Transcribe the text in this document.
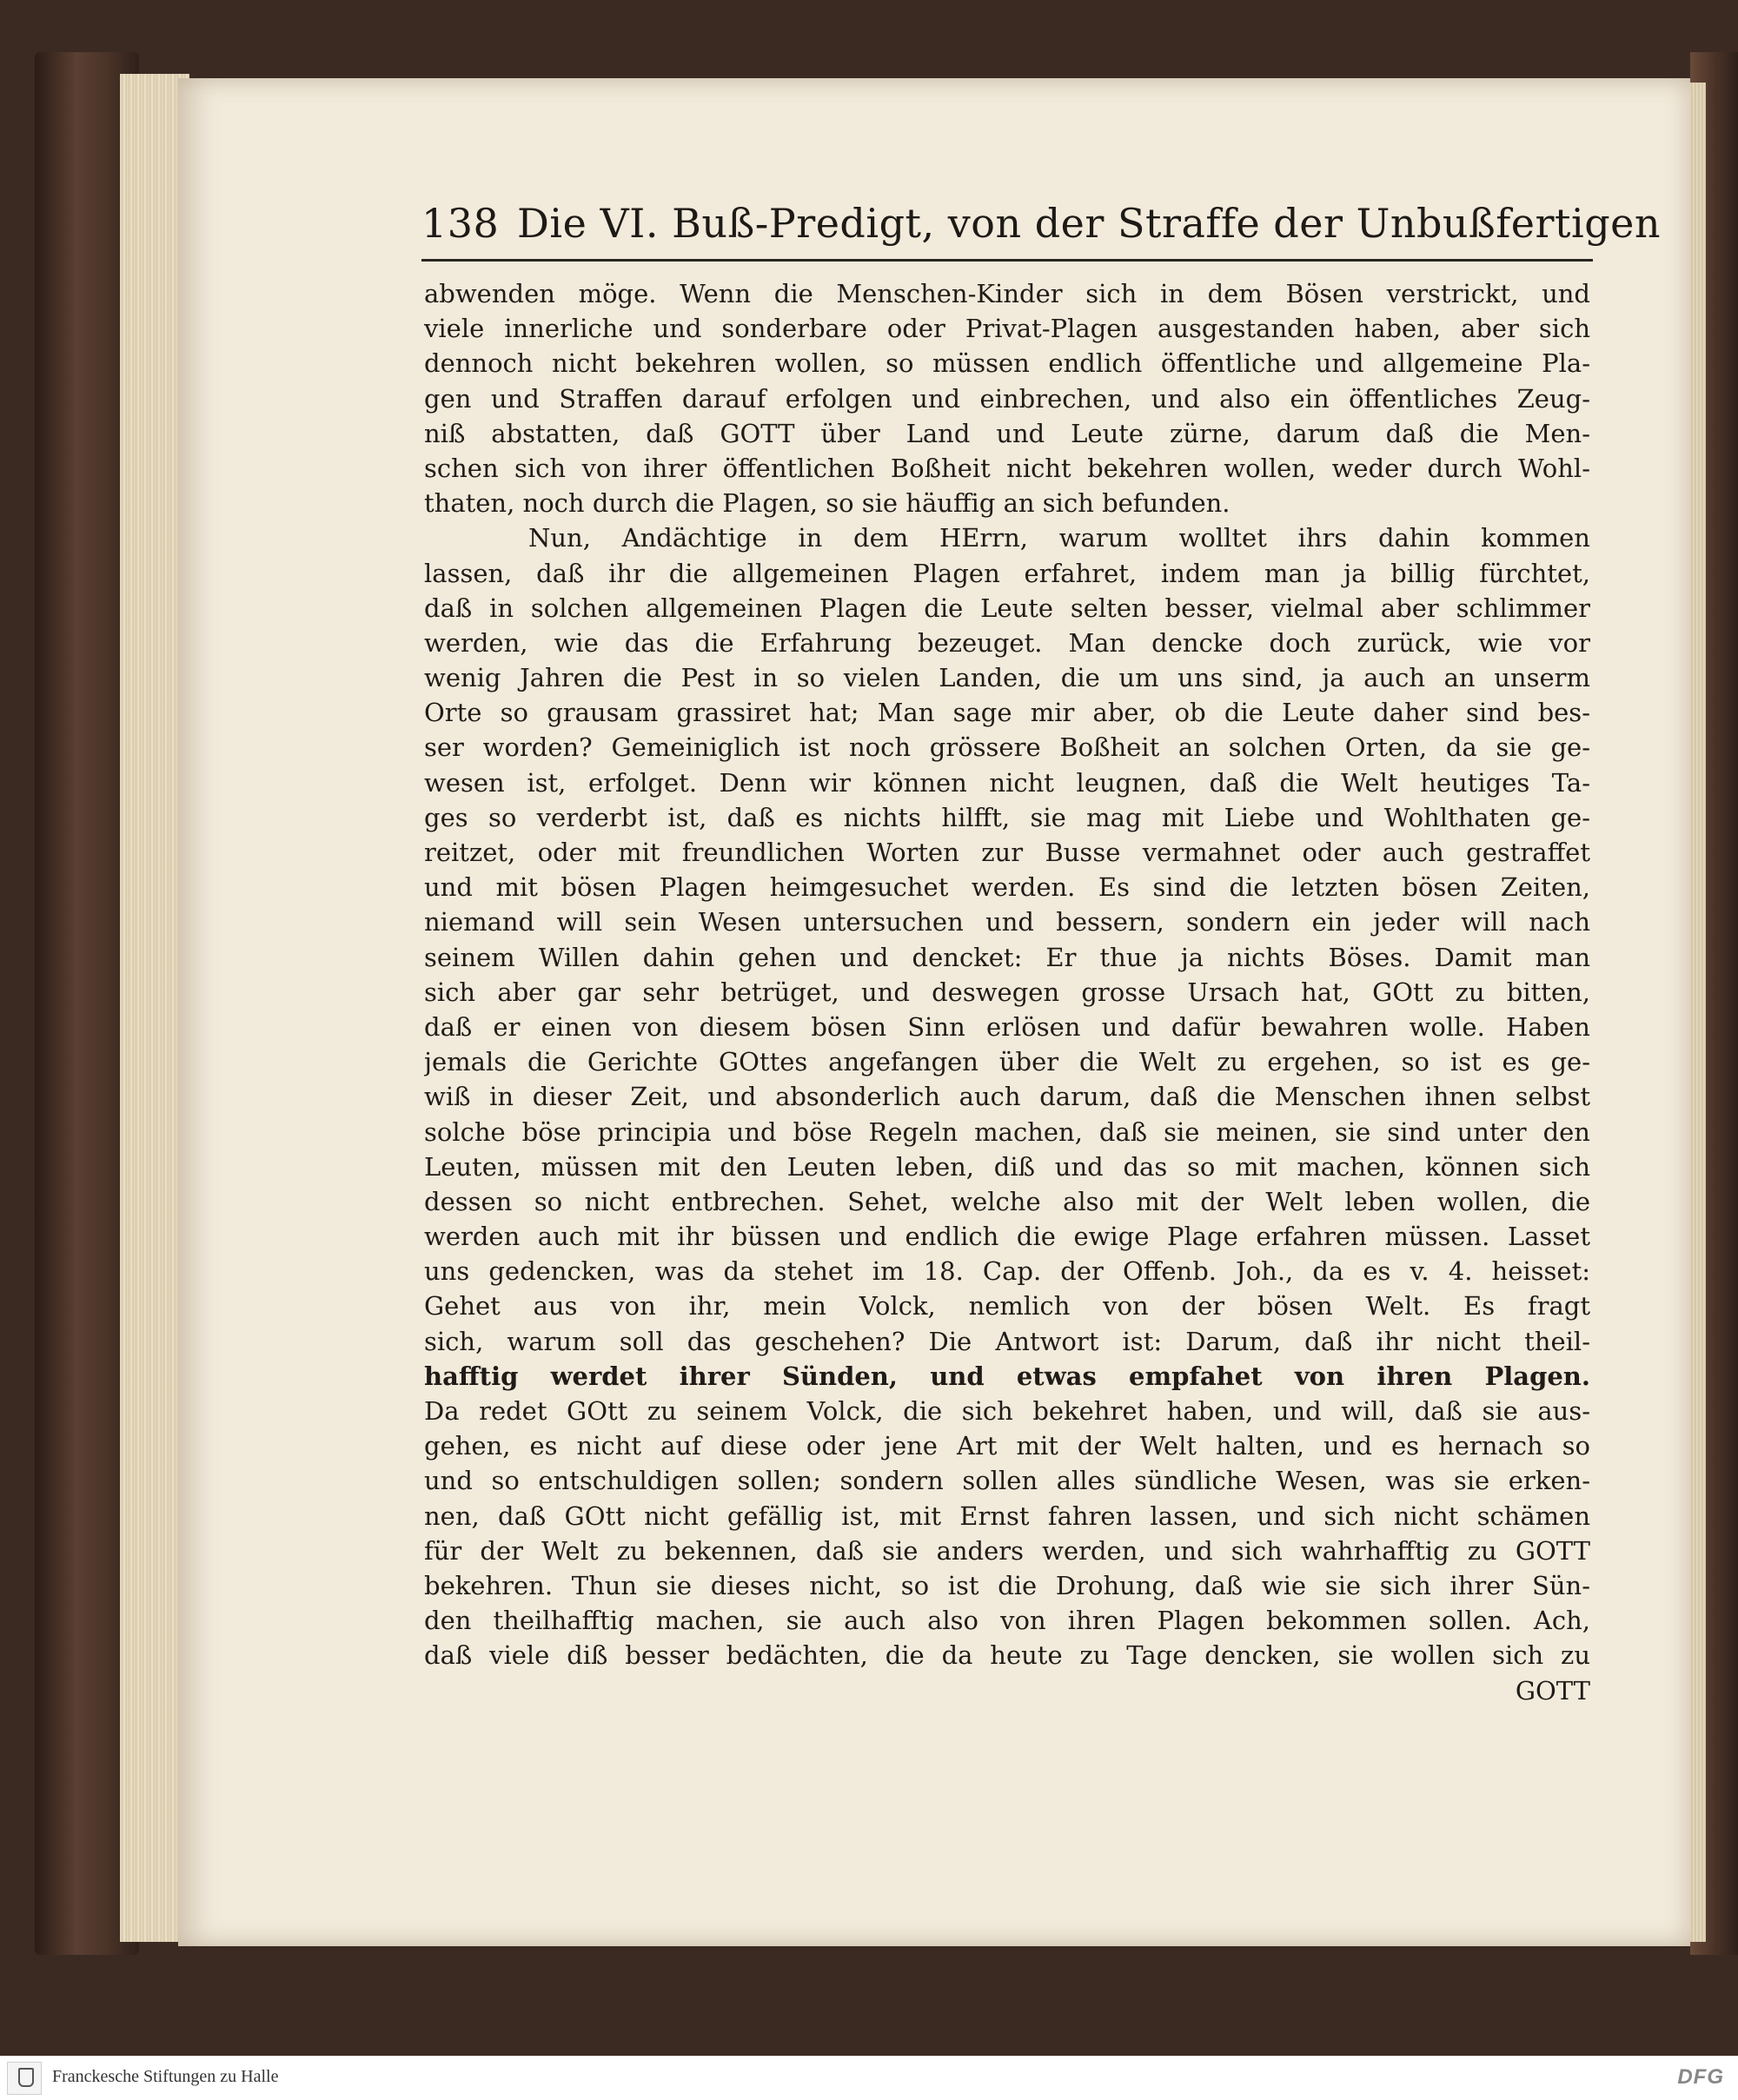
138 Die VI. Buß-Predigt, von der Straffe der Unbußfertigen
abwenden möge. Wenn die Menschen-Kinder sich in dem Bösen verstrickt, und
viele innerliche und sonderbare oder Privat-Plagen ausgestanden haben, aber sich
dennoch nicht bekehren wollen, so müssen endlich öffentliche und allgemeine Pla-
gen und Straffen darauf erfolgen und einbrechen, und also ein öffentliches Zeug-
niß abstatten, daß GOTT über Land und Leute zürne, darum daß die Men-
schen sich von ihrer öffentlichen Boßheit nicht bekehren wollen, weder durch Wohl-
thaten, noch durch die Plagen, so sie häuffig an sich befunden.
Nun, Andächtige in dem HErrn, warum wolltet ihrs dahin kommen
lassen, daß ihr die allgemeinen Plagen erfahret, indem man ja billig fürchtet,
daß in solchen allgemeinen Plagen die Leute selten besser, vielmal aber schlimmer
werden, wie das die Erfahrung bezeuget. Man dencke doch zurück, wie vor
wenig Jahren die Pest in so vielen Landen, die um uns sind, ja auch an unserm
Orte so grausam grassiret hat; Man sage mir aber, ob die Leute daher sind bes-
ser worden? Gemeiniglich ist noch grössere Boßheit an solchen Orten, da sie ge-
wesen ist, erfolget. Denn wir können nicht leugnen, daß die Welt heutiges Ta-
ges so verderbt ist, daß es nichts hilfft, sie mag mit Liebe und Wohlthaten ge-
reitzet, oder mit freundlichen Worten zur Busse vermahnet oder auch gestraffet
und mit bösen Plagen heimgesuchet werden. Es sind die letzten bösen Zeiten,
niemand will sein Wesen untersuchen und bessern, sondern ein jeder will nach
seinem Willen dahin gehen und dencket: Er thue ja nichts Böses. Damit man
sich aber gar sehr betrüget, und deswegen grosse Ursach hat, GOtt zu bitten,
daß er einen von diesem bösen Sinn erlösen und dafür bewahren wolle. Haben
jemals die Gerichte GOttes angefangen über die Welt zu ergehen, so ist es ge-
wiß in dieser Zeit, und absonderlich auch darum, daß die Menschen ihnen selbst
solche böse principia und böse Regeln machen, daß sie meinen, sie sind unter den
Leuten, müssen mit den Leuten leben, diß und das so mit machen, können sich
dessen so nicht entbrechen. Sehet, welche also mit der Welt leben wollen, die
werden auch mit ihr büssen und endlich die ewige Plage erfahren müssen. Lasset
uns gedencken, was da stehet im 18. Cap. der Offenb. Joh., da es v. 4. heisset:
Gehet aus von ihr, mein Volck, nemlich von der bösen Welt. Es fragt
sich, warum soll das geschehen? Die Antwort ist: Darum, daß ihr nicht theil-
hafftig werdet ihrer Sünden, und etwas empfahet von ihren Plagen.
Da redet GOtt zu seinem Volck, die sich bekehret haben, und will, daß sie aus-
gehen, es nicht auf diese oder jene Art mit der Welt halten, und es hernach so
und so entschuldigen sollen; sondern sollen alles sündliche Wesen, was sie erken-
nen, daß GOtt nicht gefällig ist, mit Ernst fahren lassen, und sich nicht schämen
für der Welt zu bekennen, daß sie anders werden, und sich wahrhafftig zu GOTT
bekehren. Thun sie dieses nicht, so ist die Drohung, daß wie sie sich ihrer Sün-
den theilhafftig machen, sie auch also von ihren Plagen bekommen sollen. Ach,
daß viele diß besser bedächten, die da heute zu Tage dencken, sie wollen sich zu
GOTT
Franckesche Stiftungen zu Halle	DFG
